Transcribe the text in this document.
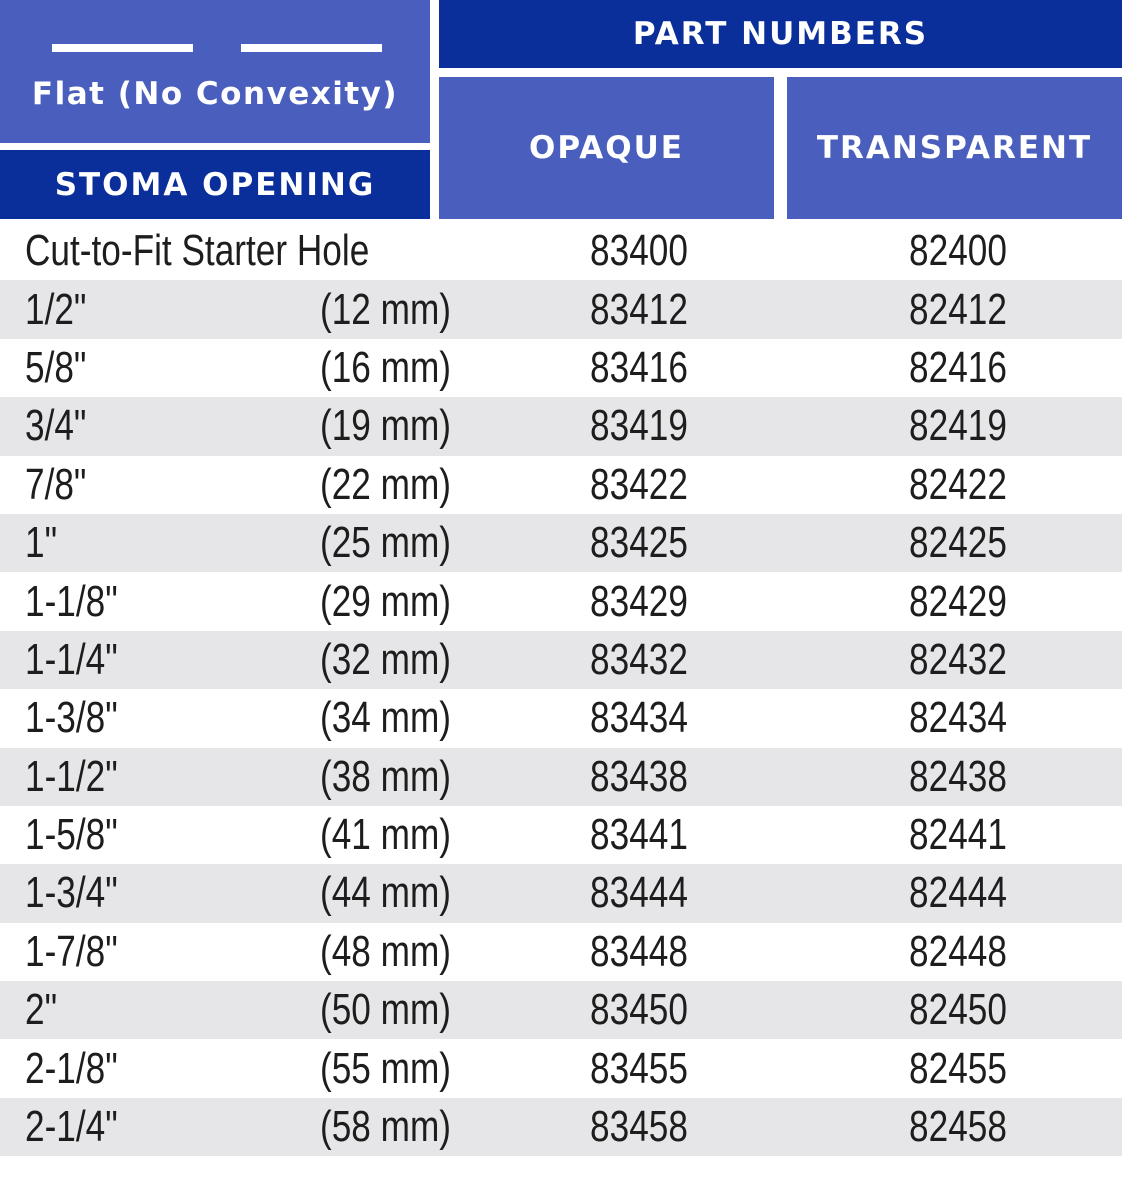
Flat (No Convexity)
STOMA OPENING
PART NUMBERS
OPAQUE	TRANSPARENT
Cut-to-Fit Starter Hole	83400	82400
1/2"	(12 mm)	83412	82412
5/8"	(16 mm)	83416	82416
3/4"	(19 mm)	83419	82419
7/8"	(22 mm)	83422	82422
1"	(25 mm)	83425	82425
1-1/8"	(29 mm)	83429	82429
1-1/4"	(32 mm)	83432	82432
1-3/8"	(34 mm)	83434	82434
1-1/2"	(38 mm)	83438	82438
1-5/8"	(41 mm)	83441	82441
1-3/4"	(44 mm)	83444	82444
1-7/8"	(48 mm)	83448	82448
2"	(50 mm)	83450	82450
2-1/8"	(55 mm)	83455	82455
2-1/4"	(58 mm)	83458	82458
